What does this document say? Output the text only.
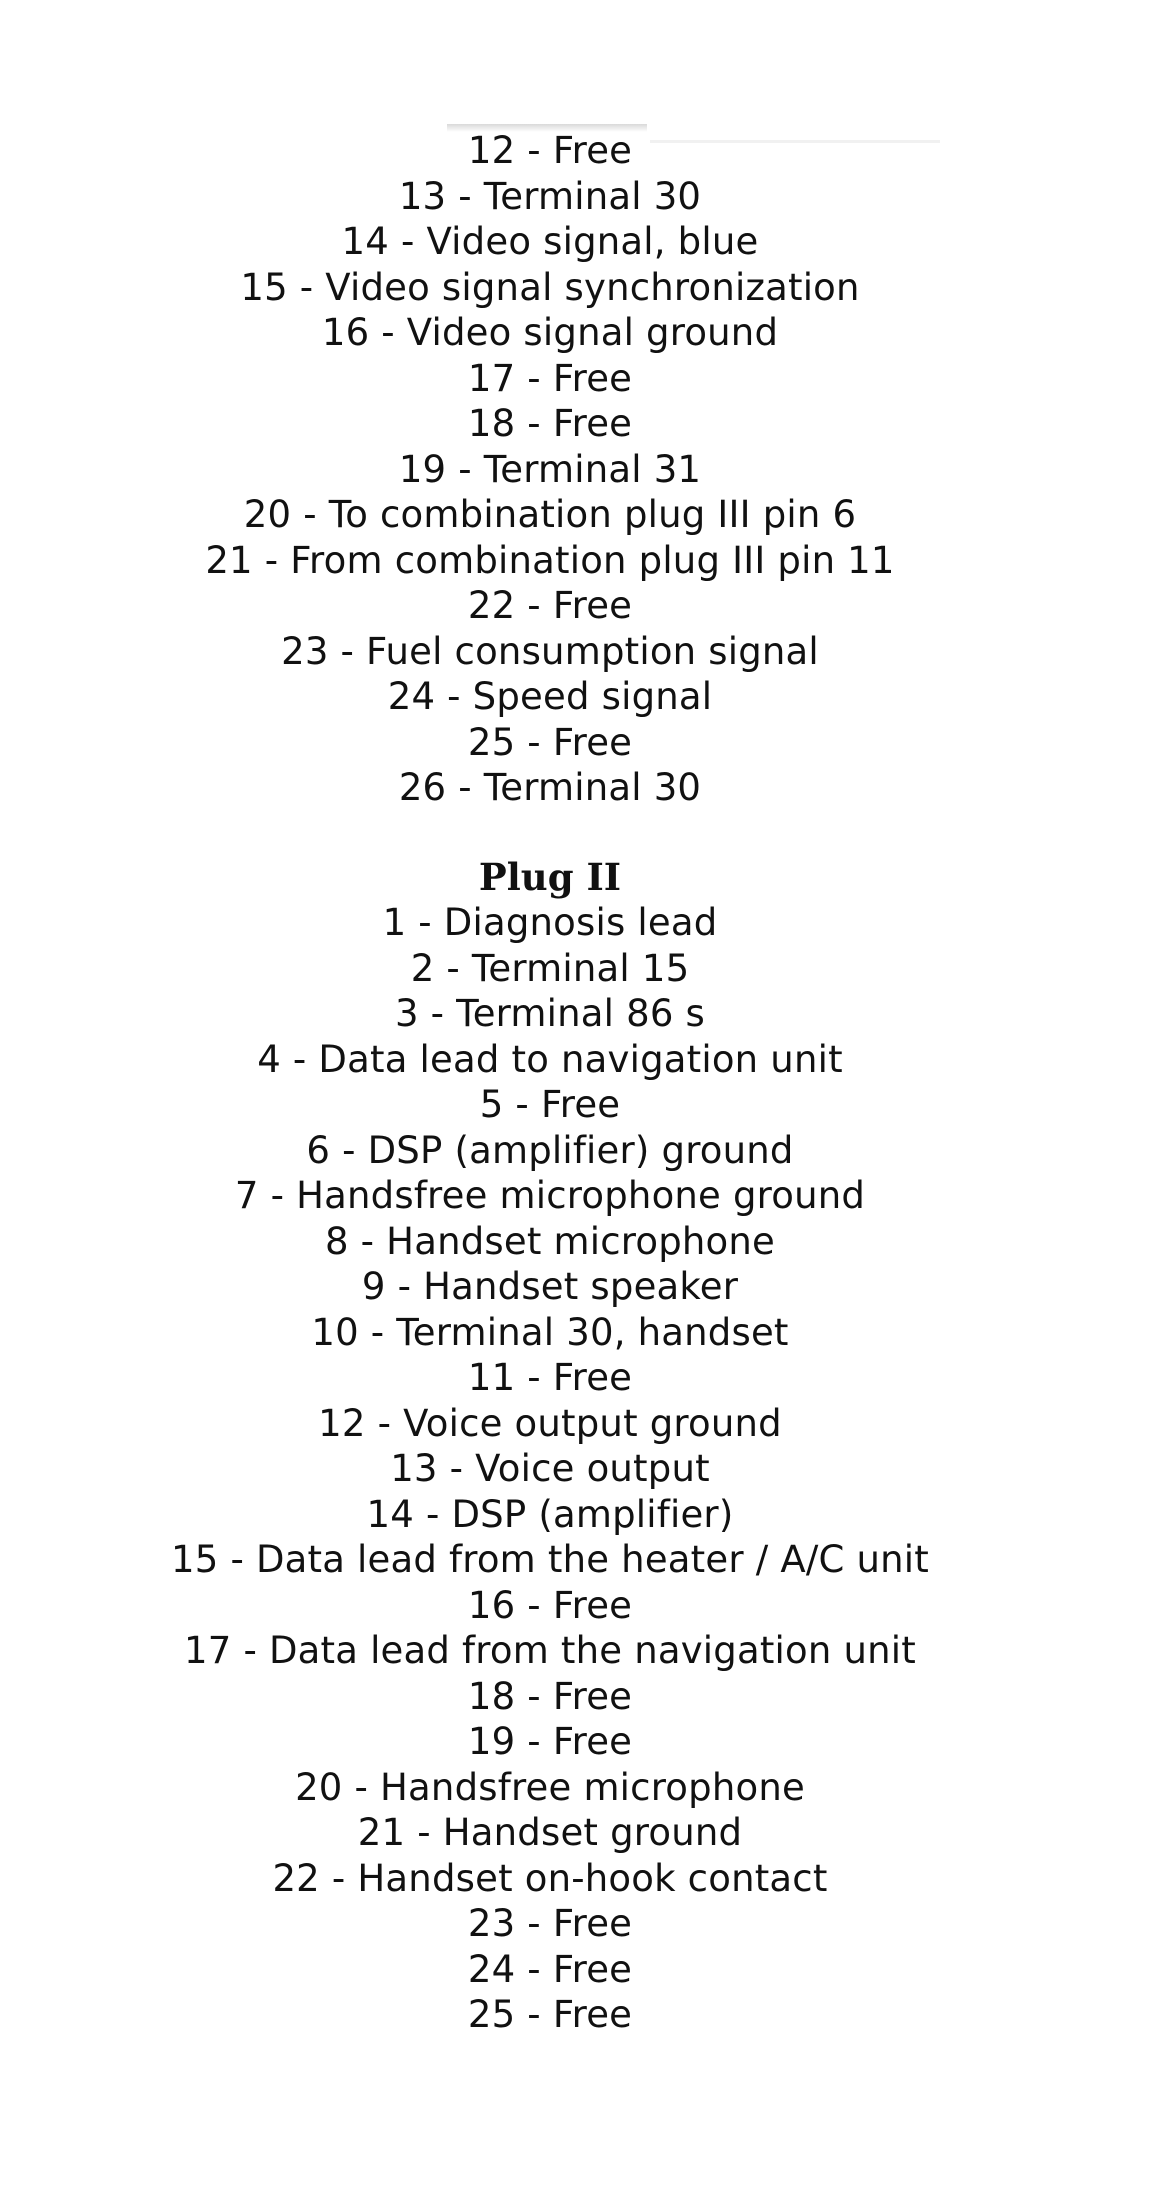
12 - Free
13 - Terminal 30
14 - Video signal, blue
15 - Video signal synchronization
16 - Video signal ground
17 - Free
18 - Free
19 - Terminal 31
20 - To combination plug III pin 6
21 - From combination plug III pin 11
22 - Free
23 - Fuel consumption signal
24 - Speed signal
25 - Free
26 - Terminal 30
Plug II
1 - Diagnosis lead
2 - Terminal 15
3 - Terminal 86 s
4 - Data lead to navigation unit
5 - Free
6 - DSP (amplifier) ground
7 - Handsfree microphone ground
8 - Handset microphone
9 - Handset speaker
10 - Terminal 30, handset
11 - Free
12 - Voice output ground
13 - Voice output
14 - DSP (amplifier)
15 - Data lead from the heater / A/C unit
16 - Free
17 - Data lead from the navigation unit
18 - Free
19 - Free
20 - Handsfree microphone
21 - Handset ground
22 - Handset on-hook contact
23 - Free
24 - Free
25 - Free
